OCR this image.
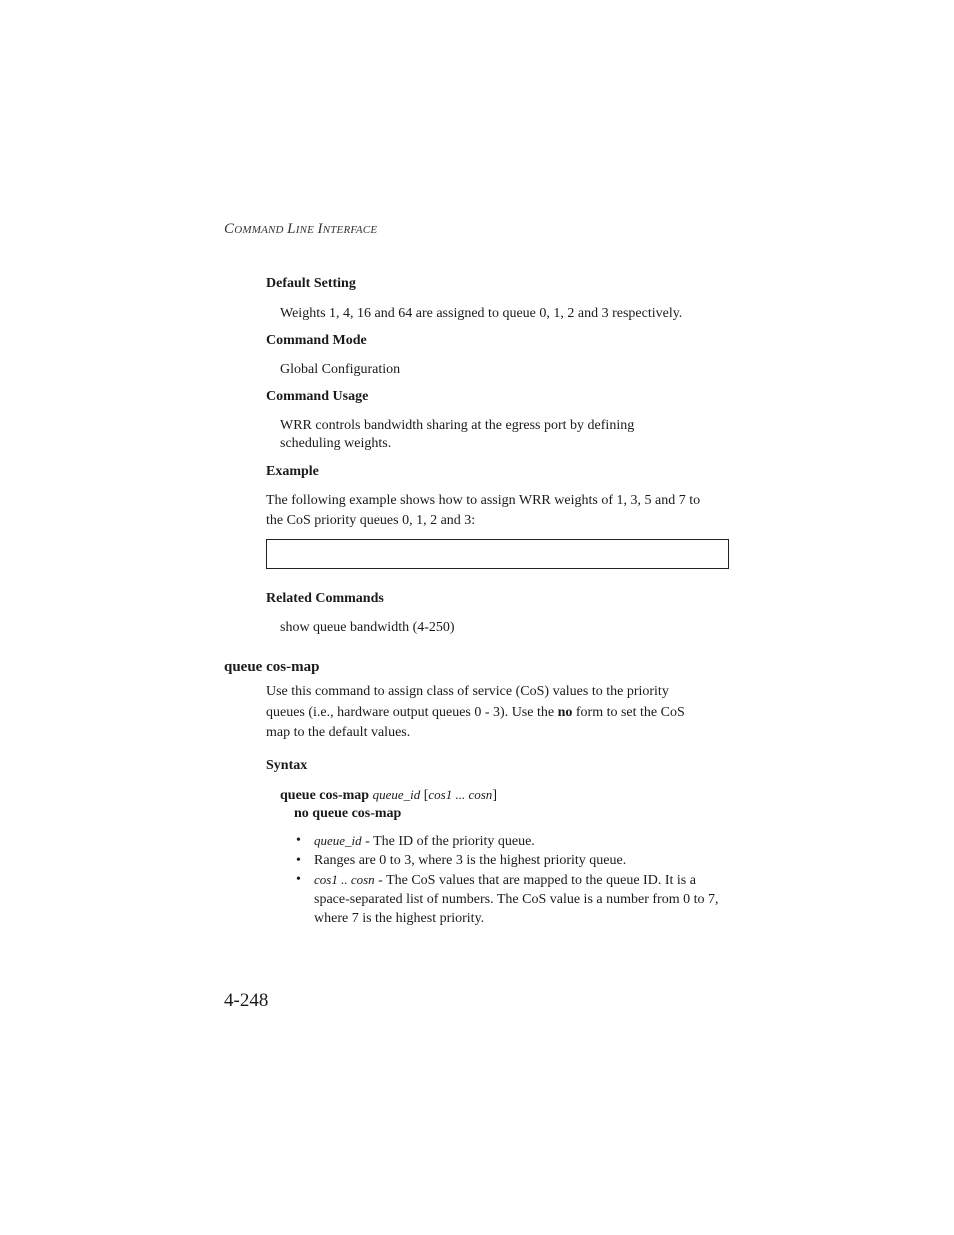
COMMAND LINE INTERFACE
Default Setting
Weights 1, 4, 16 and 64 are assigned to queue 0, 1, 2 and 3 respectively.
Command Mode
Global Configuration
Command Usage
WRR controls bandwidth sharing at the egress port by defining
scheduling weights.
Example
The following example shows how to assign WRR weights of 1, 3, 5 and 7 to
the CoS priority queues 0, 1, 2 and 3:
Related Commands
show queue bandwidth (4-250)
queue cos-map
Use this command to assign class of service (CoS) values to the priority
queues (i.e., hardware output queues 0 - 3). Use the no form to set the CoS
map to the default values.
Syntax
queue cos-map queue_id [cos1 ... cosn]
no queue cos-map
• queue_id - The ID of the priority queue.
• Ranges are 0 to 3, where 3 is the highest priority queue.
• cos1 .. cosn - The CoS values that are mapped to the queue ID. It is a space-separated list of numbers. The CoS value is a number from 0 to 7, where 7 is the highest priority.
4-248
